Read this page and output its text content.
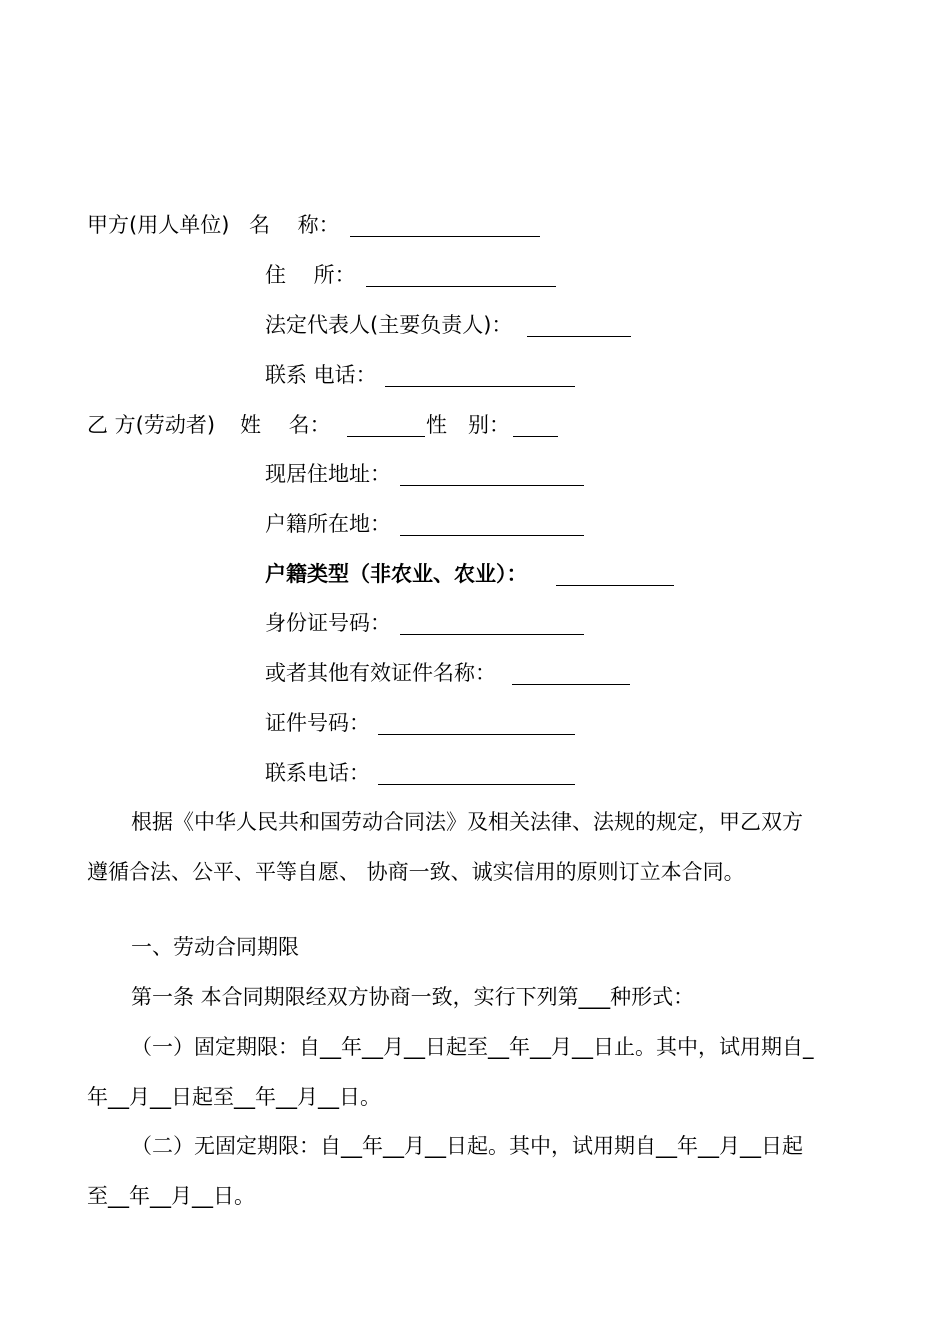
甲方(用人单位) 名　 称：
住　 所：
法定代表人(主要负责人)：
联系 电话：
乙 方(劳动者) 姓　 名：	性　别：
现居住地址：
户籍所在地：
户籍类型（非农业、农业）：
身份证号码：
或者其他有效证件名称：
证件号码：
联系电话：
根据《中华人民共和国劳动合同法》及相关法律、法规的规定，甲乙双方
遵循合法、公平、平等自愿、 协商一致、诚实信用的原则订立本合同。
一、劳动合同期限
第一条 本合同期限经双方协商一致，实行下列第___种形式：
（一）固定期限：自__年__月__日起至__年__月__日止。其中，试用期自_
年__月__日起至__年__月__日。
（二）无固定期限：自__年__月__日起。其中，试用期自__年__月__日起
至__年__月__日。
